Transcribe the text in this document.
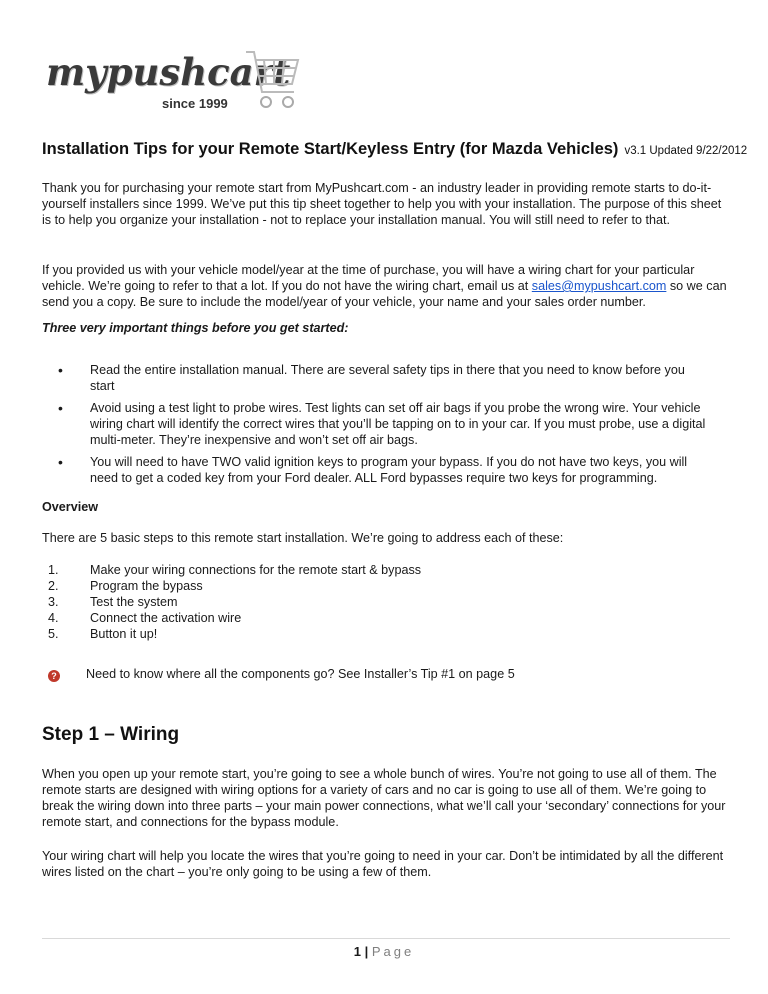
mypushcart
since 1999
Installation Tips for your Remote Start/Keyless Entry (for Mazda Vehicles) v3.1 Updated 9/22/2012

Thank you for purchasing your remote start from MyPushcart.com - an industry leader in providing remote starts to do-it-yourself installers since 1999. We’ve put this tip sheet together to help you with your installation. The purpose of this sheet is to help you organize your installation - not to replace your installation manual. You will still need to refer to that.

If you provided us with your vehicle model/year at the time of purchase, you will have a wiring chart for your particular vehicle. We’re going to refer to that a lot. If you do not have the wiring chart, email us at sales@mypushcart.com so we can send you a copy. Be sure to include the model/year of your vehicle, your name and your sales order number.

Three very important things before you get started:

• Read the entire installation manual. There are several safety tips in there that you need to know before you start
• Avoid using a test light to probe wires. Test lights can set off air bags if you probe the wrong wire. Your vehicle wiring chart will identify the correct wires that you’ll be tapping on to in your car. If you must probe, use a digital multi-meter. They’re inexpensive and won’t set off air bags.
• You will need to have TWO valid ignition keys to program your bypass. If you do not have two keys, you will need to get a coded key from your Ford dealer. ALL Ford bypasses require two keys for programming.

Overview

There are 5 basic steps to this remote start installation. We’re going to address each of these:

1. Make your wiring connections for the remote start & bypass
2. Program the bypass
3. Test the system
4. Connect the activation wire
5. Button it up!
? Need to know where all the components go? See Installer’s Tip #1 on page 5
Step 1 – Wiring

When you open up your remote start, you’re going to see a whole bunch of wires. You’re not going to use all of them. The remote starts are designed with wiring options for a variety of cars and no car is going to use all of them. We’re going to break the wiring down into three parts – your main power connections, what we’ll call your ‘secondary’ connections for your remote start, and connections for the bypass module.

Your wiring chart will help you locate the wires that you’re going to need in your car. Don’t be intimidated by all the different wires listed on the chart – you’re only going to be using a few of them.

1 | Page
